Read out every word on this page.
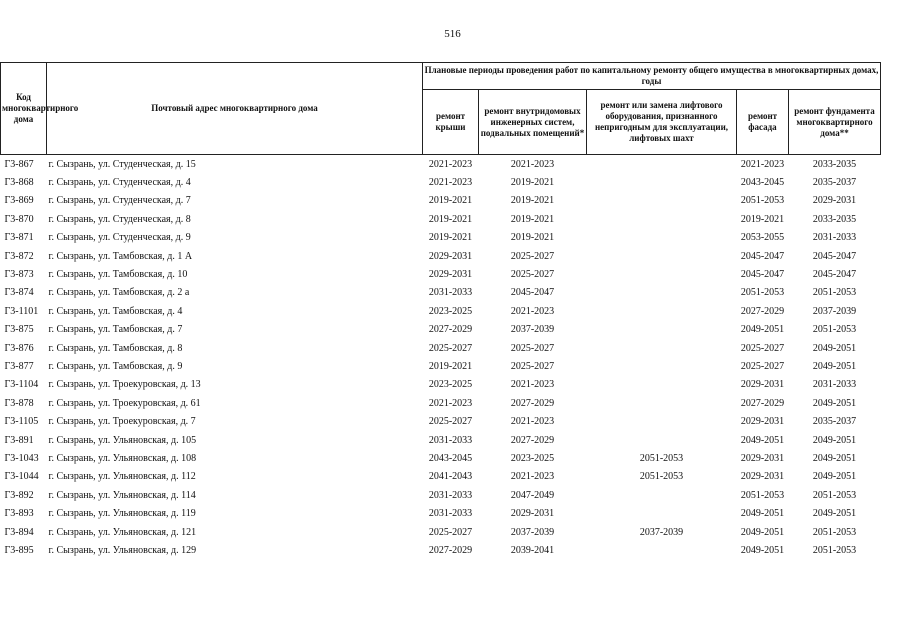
516
Код многоквартирного дома	Почтовый адрес многоквартирного дома	Плановые периоды проведения работ по капитальному ремонту общего имущества в многоквартирных домах, годы				
		ремонт крыши	ремонт внутридомовых инженерных систем, подвальных помещений*	ремонт или замена лифтового оборудования, признанного непригодным для эксплуатации, лифтовых шахт	ремонт фасада	ремонт фундамента многоквартирного дома**
Г3-867	г. Сызрань, ул. Студенческая, д. 15	2021-2023	2021-2023		2021-2023	2033-2035
Г3-868	г. Сызрань, ул. Студенческая, д. 4	2021-2023	2019-2021		2043-2045	2035-2037
Г3-869	г. Сызрань, ул. Студенческая, д. 7	2019-2021	2019-2021		2051-2053	2029-2031
Г3-870	г. Сызрань, ул. Студенческая, д. 8	2019-2021	2019-2021		2019-2021	2033-2035
Г3-871	г. Сызрань, ул. Студенческая, д. 9	2019-2021	2019-2021		2053-2055	2031-2033
Г3-872	г. Сызрань, ул. Тамбовская, д. 1 А	2029-2031	2025-2027		2045-2047	2045-2047
Г3-873	г. Сызрань, ул. Тамбовская, д. 10	2029-2031	2025-2027		2045-2047	2045-2047
Г3-874	г. Сызрань, ул. Тамбовская, д. 2 а	2031-2033	2045-2047		2051-2053	2051-2053
Г3-1101	г. Сызрань, ул. Тамбовская, д. 4	2023-2025	2021-2023		2027-2029	2037-2039
Г3-875	г. Сызрань, ул. Тамбовская, д. 7	2027-2029	2037-2039		2049-2051	2051-2053
Г3-876	г. Сызрань, ул. Тамбовская, д. 8	2025-2027	2025-2027		2025-2027	2049-2051
Г3-877	г. Сызрань, ул. Тамбовская, д. 9	2019-2021	2025-2027		2025-2027	2049-2051
Г3-1104	г. Сызрань, ул. Троекуровская, д. 13	2023-2025	2021-2023		2029-2031	2031-2033
Г3-878	г. Сызрань, ул. Троекуровская, д. 61	2021-2023	2027-2029		2027-2029	2049-2051
Г3-1105	г. Сызрань, ул. Троекуровская, д. 7	2025-2027	2021-2023		2029-2031	2035-2037
Г3-891	г. Сызрань, ул. Ульяновская, д. 105	2031-2033	2027-2029		2049-2051	2049-2051
Г3-1043	г. Сызрань, ул. Ульяновская, д. 108	2043-2045	2023-2025	2051-2053	2029-2031	2049-2051
Г3-1044	г. Сызрань, ул. Ульяновская, д. 112	2041-2043	2021-2023	2051-2053	2029-2031	2049-2051
Г3-892	г. Сызрань, ул. Ульяновская, д. 114	2031-2033	2047-2049		2051-2053	2051-2053
Г3-893	г. Сызрань, ул. Ульяновская, д. 119	2031-2033	2029-2031		2049-2051	2049-2051
Г3-894	г. Сызрань, ул. Ульяновская, д. 121	2025-2027	2037-2039	2037-2039	2049-2051	2051-2053
Г3-895	г. Сызрань, ул. Ульяновская, д. 129	2027-2029	2039-2041		2049-2051	2051-2053
